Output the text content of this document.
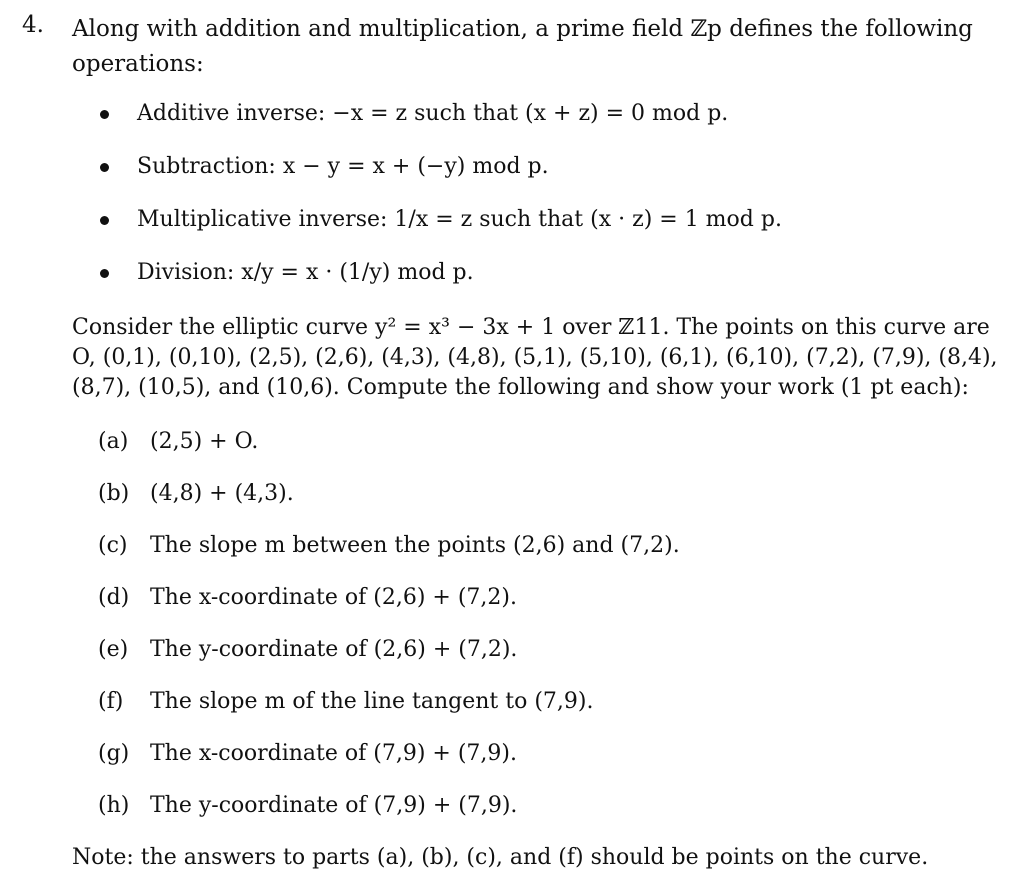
4. Along with addition and multiplication, a prime field ℤp defines the following operations:
Additive inverse: −x = z such that (x + z) = 0 mod p.
Subtraction: x − y = x + (−y) mod p.
Multiplicative inverse: 1/x = z such that (x · z) = 1 mod p.
Division: x/y = x · (1/y) mod p.
Consider the elliptic curve y² = x³ − 3x + 1 over ℤ11. The points on this curve are O, (0,1), (0,10), (2,5), (2,6), (4,3), (4,8), (5,1), (5,10), (6,1), (6,10), (7,2), (7,9), (8,4), (8,7), (10,5), and (10,6). Compute the following and show your work (1 pt each):
(a) (2,5) + O.
(b) (4,8) + (4,3).
(c) The slope m between the points (2,6) and (7,2).
(d) The x-coordinate of (2,6) + (7,2).
(e) The y-coordinate of (2,6) + (7,2).
(f) The slope m of the line tangent to (7,9).
(g) The x-coordinate of (7,9) + (7,9).
(h) The y-coordinate of (7,9) + (7,9).
Note: the answers to parts (a), (b), (c), and (f) should be points on the curve.
